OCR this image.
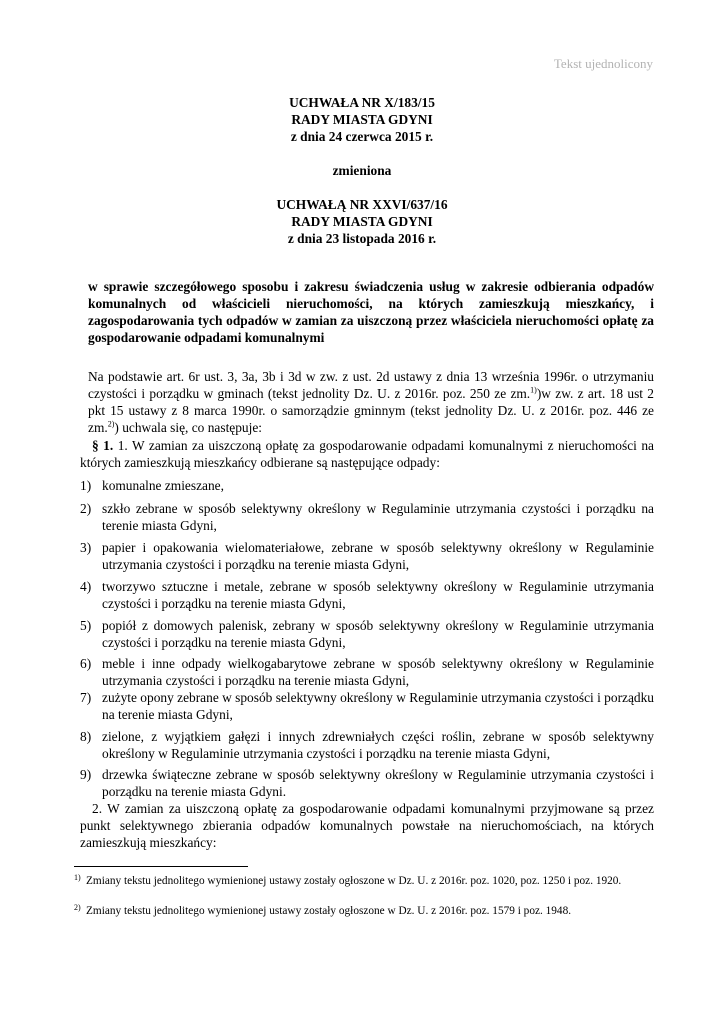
Tekst ujednolicony
UCHWAŁA NR X/183/15
RADY MIASTA GDYNI
z dnia 24 czerwca 2015 r.
zmieniona
UCHWAŁĄ NR XXVI/637/16
RADY MIASTA GDYNI
z dnia 23 listopada 2016 r.
w sprawie szczegółowego sposobu i zakresu świadczenia usług w zakresie odbierania odpadów komunalnych od właścicieli nieruchomości, na których zamieszkują mieszkańcy, i zagospodarowania tych odpadów w zamian za uiszczoną przez właściciela nieruchomości opłatę za gospodarowanie odpadami komunalnymi
Na podstawie art. 6r ust. 3, 3a, 3b i 3d w zw. z ust. 2d ustawy z dnia 13 września 1996r. o utrzymaniu czystości i porządku w gminach (tekst jednolity Dz. U. z 2016r. poz. 250 ze zm.$^{1)}$)w zw. z art. 18 ust 2 pkt 15 ustawy z 8 marca 1990r. o samorządzie gminnym (tekst jednolity Dz. U. z 2016r. poz. 446 ze zm.$^{2)}$) uchwala się, co następuje:
§ 1. 1. W zamian za uiszczoną opłatę za gospodarowanie odpadami komunalnymi z nieruchomości na których zamieszkują mieszkańcy odbierane są następujące odpady:
1) komunalne zmieszane,
2) szkło zebrane w sposób selektywny określony w Regulaminie utrzymania czystości i porządku na terenie miasta Gdyni,
3) papier i opakowania wielomateriałowe, zebrane w sposób selektywny określony w Regulaminie utrzymania czystości i porządku na terenie miasta Gdyni,
4) tworzywo sztuczne i metale, zebrane w sposób selektywny określony w Regulaminie utrzymania czystości i porządku na terenie miasta Gdyni,
5) popiół z domowych palenisk, zebrany w sposób selektywny określony w Regulaminie utrzymania czystości i porządku na terenie miasta Gdyni,
6) meble i inne odpady wielkogabarytowe zebrane w sposób selektywny określony w Regulaminie utrzymania czystości i porządku na terenie miasta Gdyni,
7) zużyte opony zebrane w sposób selektywny określony w Regulaminie utrzymania czystości i porządku na terenie miasta Gdyni,
8) zielone, z wyjątkiem gałęzi i innych zdrewniałych części roślin, zebrane w sposób selektywny określony w Regulaminie utrzymania czystości i porządku na terenie miasta Gdyni,
9) drzewka świąteczne zebrane w sposób selektywny określony w Regulaminie utrzymania czystości i porządku na terenie miasta Gdyni.
2. W zamian za uiszczoną opłatę za gospodarowanie odpadami komunalnymi przyjmowane są przez punkt selektywnego zbierania odpadów komunalnych powstałe na nieruchomościach, na których zamieszkują mieszkańcy:
1) Zmiany tekstu jednolitego wymienionej ustawy zostały ogłoszone w Dz. U. z 2016r. poz. 1020, poz. 1250 i poz. 1920.
2) Zmiany tekstu jednolitego wymienionej ustawy zostały ogłoszone w Dz. U. z 2016r. poz. 1579 i poz. 1948.
